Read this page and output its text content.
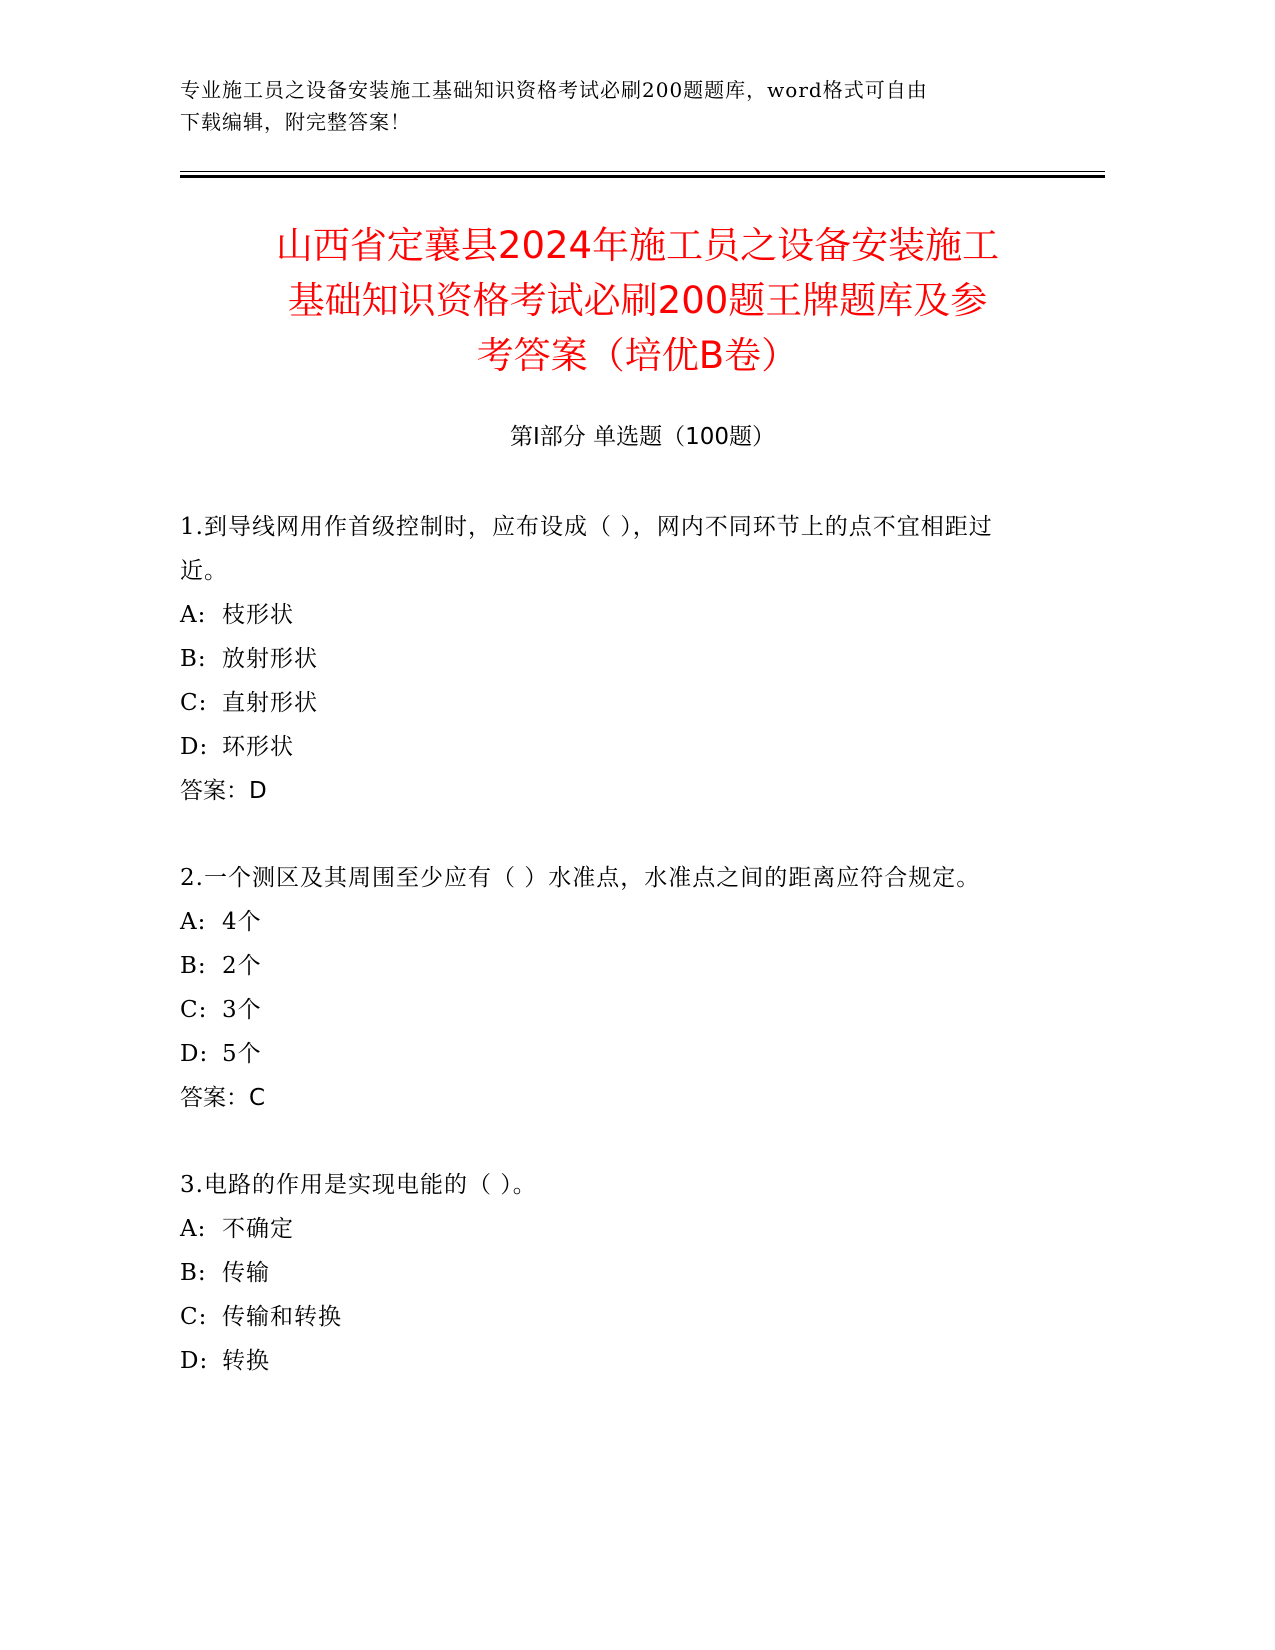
专业施工员之设备安装施工基础知识资格考试必刷200题题库，word格式可自由
下载编辑，附完整答案！
山西省定襄县2024年施工员之设备安装施工
基础知识资格考试必刷200题王牌题库及参
考答案（培优B卷）
第Ⅰ部分 单选题（100题）
1.到导线网用作首级控制时，应布设成（ ），网内不同环节上的点不宜相距过近。
A: 枝形状
B: 放射形状
C: 直射形状
D: 环形状
答案：D
2.一个测区及其周围至少应有（ ）水准点，水准点之间的距离应符合规定。
A: 4个
B: 2个
C: 3个
D: 5个
答案：C
3.电路的作用是实现电能的（ ）。
A: 不确定
B: 传输
C: 传输和转换
D: 转换
